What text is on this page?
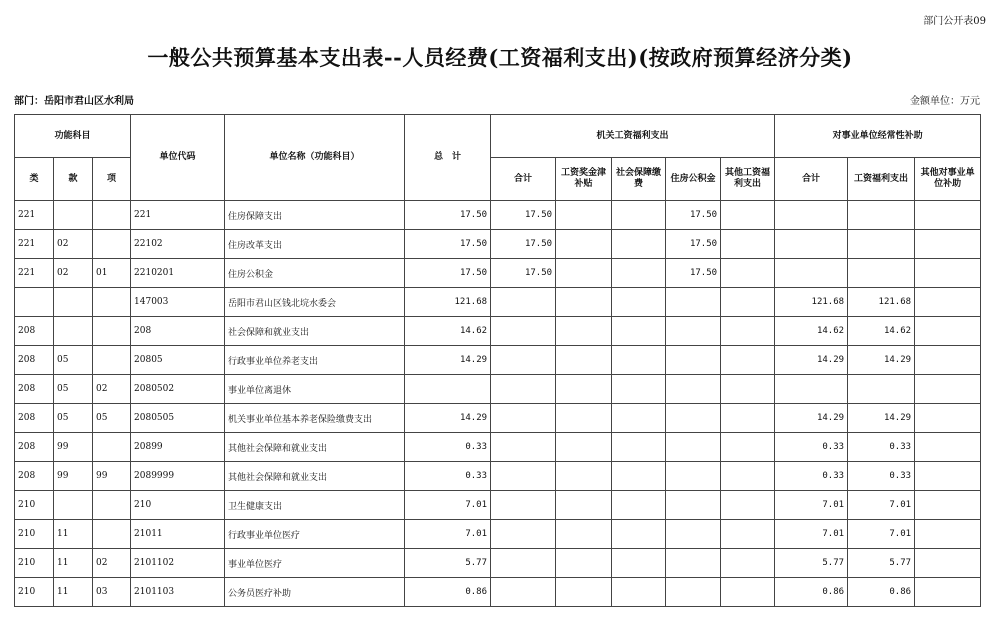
部门公开表09
一般公共预算基本支出表--人员经费(工资福利支出)(按政府预算经济分类)
部门：岳阳市君山区水利局	金额单位：万元
功能科目			单位代码	单位名称（功能科目）	总　计	机关工资福利支出					对事业单位经常性补助		
类	款	项				合计	工资奖金津补贴	社会保障缴费	住房公积金	其他工资福利支出	合计	工资福利支出	其他对事业单位补助
221			221	住房保障支出	17.50	17.50			17.50				
221	02		22102	住房改革支出	17.50	17.50			17.50				
221	02	01	2210201	住房公积金	17.50	17.50			17.50				
			147003	岳阳市君山区钱北垸水委会	121.68						121.68	121.68	
208			208	社会保障和就业支出	14.62						14.62	14.62	
208	05		20805	行政事业单位养老支出	14.29						14.29	14.29	
208	05	02	2080502	事业单位离退休									
208	05	05	2080505	机关事业单位基本养老保险缴费支出	14.29						14.29	14.29	
208	99		20899	其他社会保障和就业支出	0.33						0.33	0.33	
208	99	99	2089999	其他社会保障和就业支出	0.33						0.33	0.33	
210			210	卫生健康支出	7.01						7.01	7.01	
210	11		21011	行政事业单位医疗	7.01						7.01	7.01	
210	11	02	2101102	事业单位医疗	5.77						5.77	5.77	
210	11	03	2101103	公务员医疗补助	0.86						0.86	0.86	
